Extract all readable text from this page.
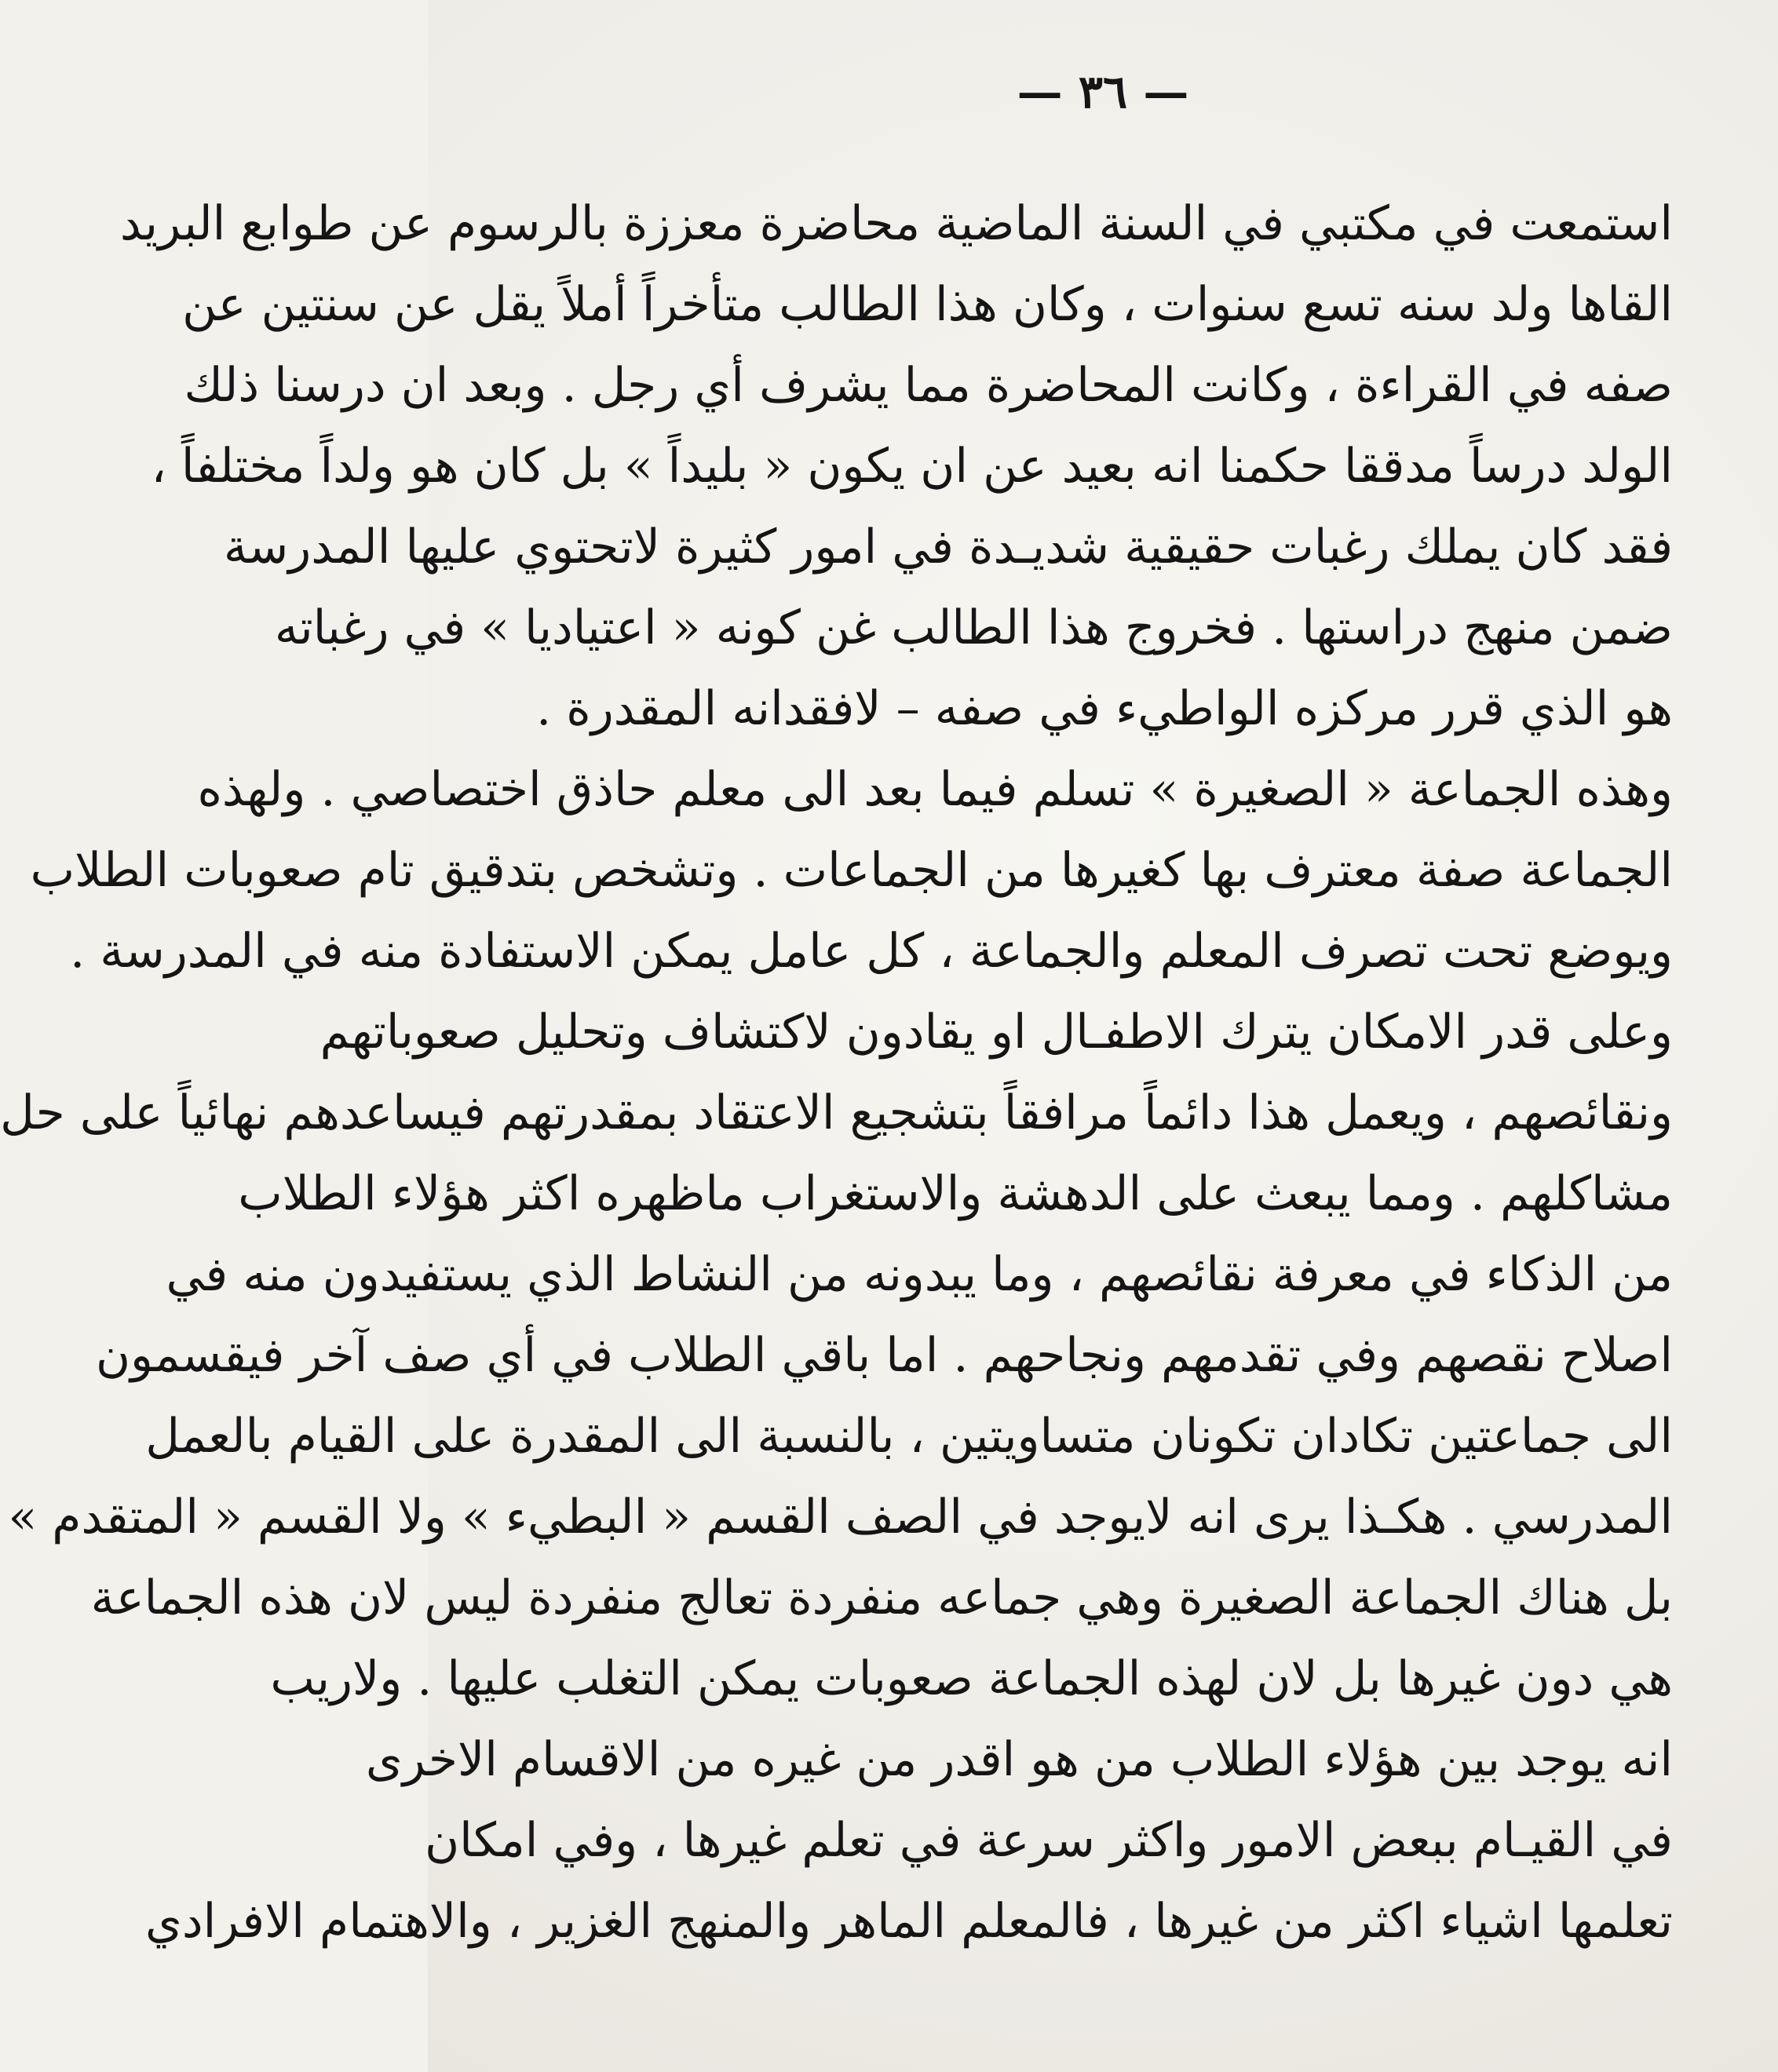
— ٣٦ —
استمعت في مكتبي في السنة الماضية محاضرة معززة بالرسوم عن طوابع البريد
القاها ولد سنه تسع سنوات ، وكان هذا الطالب متأخراً أملاً يقل عن سنتين عن
صفه في القراءة ، وكانت المحاضرة مما يشرف أي رجل . وبعد ان درسنا ذلك
الولد درساً مدققا حكمنا انه بعيد عن ان يكون « بليداً » بل كان هو ولداً مختلفاً ،
فقد كان يملك رغبات حقيقية شديـدة في امور كثيرة لاتحتوي عليها المدرسة
ضمن منهج دراستها . فخروج هذا الطالب غن كونه « اعتياديا » في رغباته
هو الذي قرر مركزه الواطيء في صفه – لافقدانه المقدرة .
وهذه الجماعة « الصغيرة » تسلم فيما بعد الى معلم حاذق اختصاصي . ولهذه
الجماعة صفة معترف بها كغيرها من الجماعات . وتشخص بتدقيق تام صعوبات الطلاب
ويوضع تحت تصرف المعلم والجماعة ، كل عامل يمكن الاستفادة منه في المدرسة .
وعلى قدر الامكان يترك الاطفـال او يقادون لاكتشاف وتحليل صعوباتهم
ونقائصهم ، ويعمل هذا دائماً مرافقاً بتشجيع الاعتقاد بمقدرتهم فيساعدهم نهائياً على حل
مشاكلهم . ومما يبعث على الدهشة والاستغراب ماظهره اكثر هؤلاء الطلاب
من الذكاء في معرفة نقائصهم ، وما يبدونه من النشاط الذي يستفيدون منه في
اصلاح نقصهم وفي تقدمهم ونجاحهم . اما باقي الطلاب في أي صف آخر فيقسمون
الى جماعتين تكادان تكونان متساويتين ، بالنسبة الى المقدرة على القيام بالعمل
المدرسي . هكـذا يرى انه لايوجد في الصف القسم « البطيء » ولا القسم « المتقدم »
بل هناك الجماعة الصغيرة وهي جماعه منفردة تعالج منفردة ليس لان هذه الجماعة
هي دون غيرها بل لان لهذه الجماعة صعوبات يمكن التغلب عليها . ولاريب
انه يوجد بين هؤلاء الطلاب من هو اقدر من غيره من الاقسام الاخرى
في القيـام ببعض الامور واكثر سرعة في تعلم غيرها ، وفي امكان
تعلمها اشياء اكثر من غيرها ، فالمعلم الماهر والمنهج الغزير ، والاهتمام الافرادي
